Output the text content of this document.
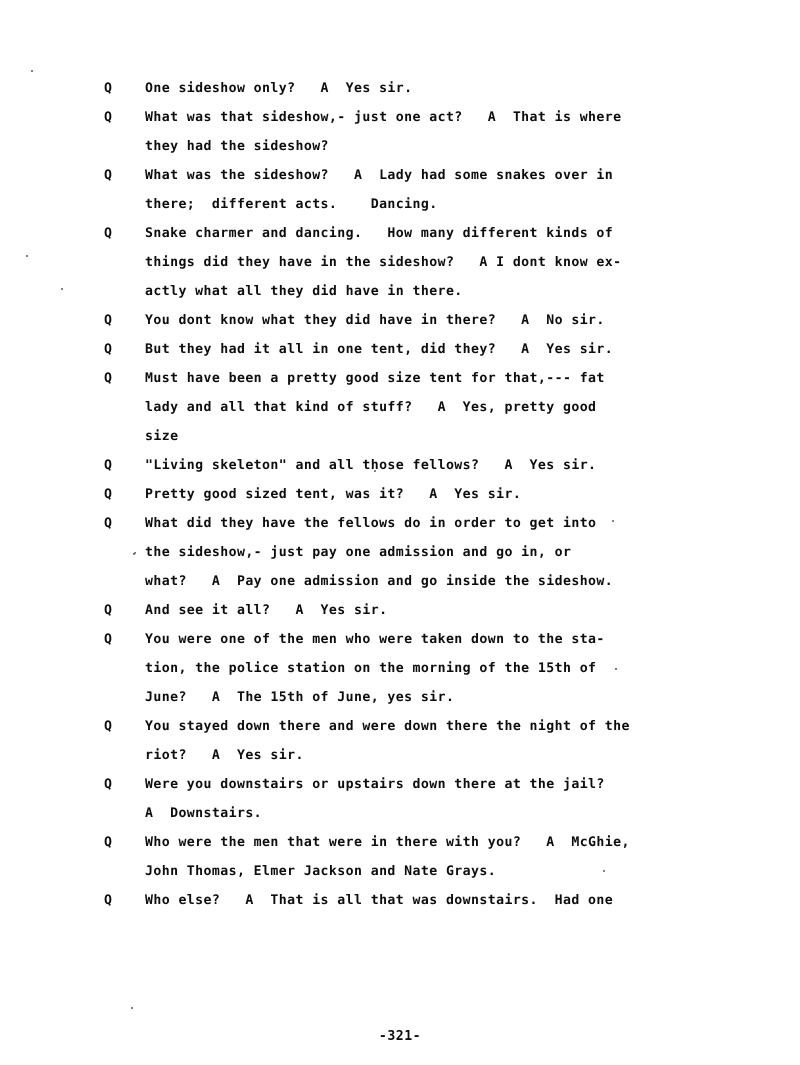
Q	One sideshow only?   A  Yes sir.
Q	What was that sideshow,- just one act?   A  That is where
they had the sideshow?
Q	What was the sideshow?   A  Lady had some snakes over in
there;  different acts.    Dancing.
Q	Snake charmer and dancing.   How many different kinds of
things did they have in the sideshow?   A I dont know ex-
actly what all they did have in there.
Q	You dont know what they did have in there?   A  No sir.
Q	But they had it all in one tent, did they?   A  Yes sir.
Q	Must have been a pretty good size tent for that,--- fat
lady and all that kind of stuff?   A  Yes, pretty good
size
Q	"Living skeleton" and all those fellows?   A  Yes sir.
Q	Pretty good sized tent, was it?   A  Yes sir.
Q	What did they have the fellows do in order to get into
the sideshow,- just pay one admission and go in, or
what?   A  Pay one admission and go inside the sideshow.
Q	And see it all?   A  Yes sir.
Q	You were one of the men who were taken down to the sta-
tion, the police station on the morning of the 15th of
June?   A  The 15th of June, yes sir.
Q	You stayed down there and were down there the night of the
riot?   A  Yes sir.
Q	Were you downstairs or upstairs down there at the jail?
A  Downstairs.
Q	Who were the men that were in there with you?   A  McGhie,
John Thomas, Elmer Jackson and Nate Grays.
Q	Who else?   A  That is all that was downstairs.  Had one
-321-
